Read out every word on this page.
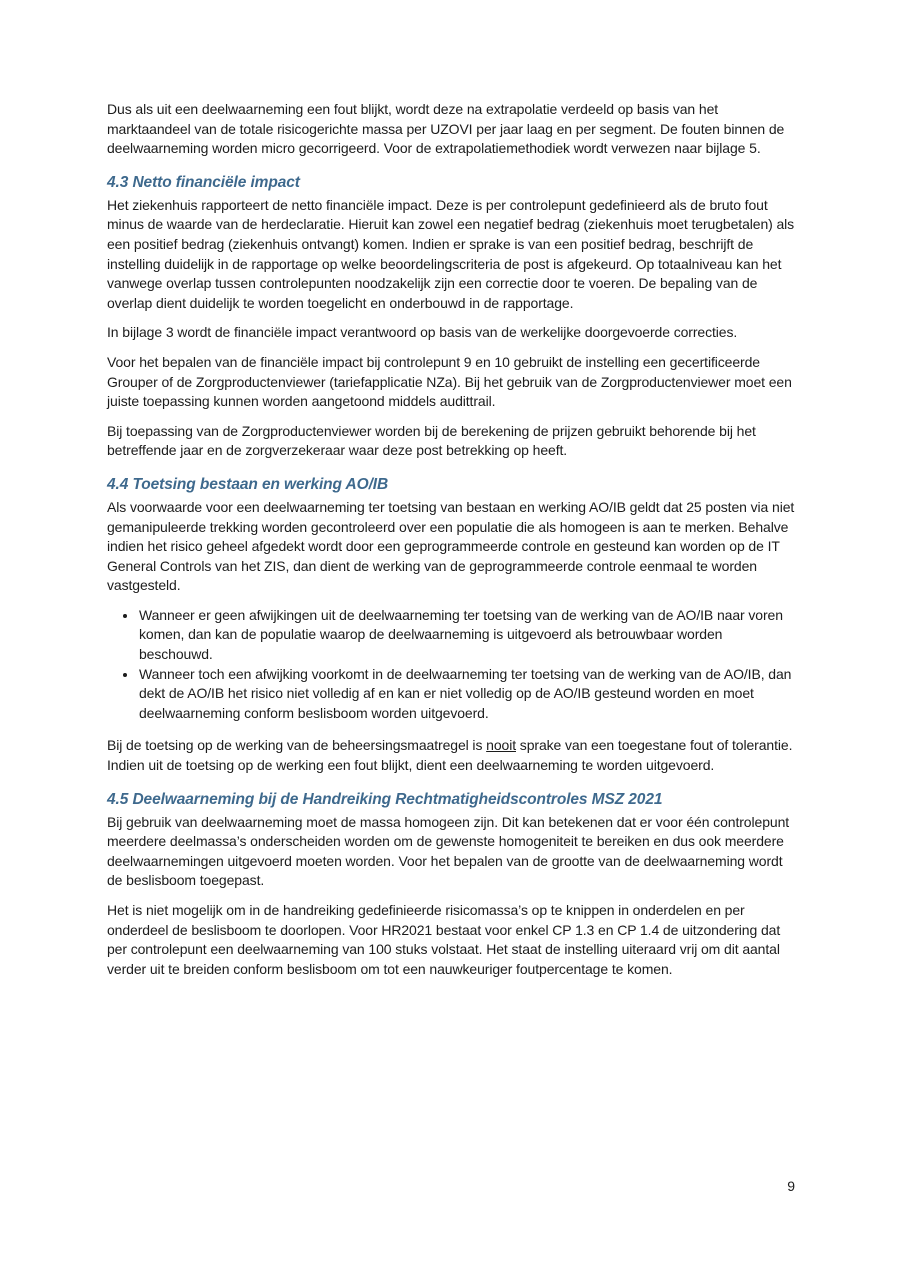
Dus als uit een deelwaarneming een fout blijkt, wordt deze na extrapolatie verdeeld op basis van het marktaandeel van de totale risicogerichte massa per UZOVI per jaar laag en per segment. De fouten binnen de deelwaarneming worden micro gecorrigeerd. Voor de extrapolatiemethodiek wordt verwezen naar bijlage 5.

4.3 Netto financiële impact

Het ziekenhuis rapporteert de netto financiële impact. Deze is per controlepunt gedefinieerd als de bruto fout minus de waarde van de herdeclaratie. Hieruit kan zowel een negatief bedrag (ziekenhuis moet terugbetalen) als een positief bedrag (ziekenhuis ontvangt) komen. Indien er sprake is van een positief bedrag, beschrijft de instelling duidelijk in de rapportage op welke beoordelingscriteria de post is afgekeurd. Op totaalniveau kan het vanwege overlap tussen controlepunten noodzakelijk zijn een correctie door te voeren. De bepaling van de overlap dient duidelijk te worden toegelicht en onderbouwd in de rapportage.

In bijlage 3 wordt de financiële impact verantwoord op basis van de werkelijke doorgevoerde correcties.

Voor het bepalen van de financiële impact bij controlepunt 9 en 10 gebruikt de instelling een gecertificeerde Grouper of de Zorgproductenviewer (tariefapplicatie NZa). Bij het gebruik van de Zorgproductenviewer moet een juiste toepassing kunnen worden aangetoond middels audittrail.

Bij toepassing van de Zorgproductenviewer worden bij de berekening de prijzen gebruikt behorende bij het betreffende jaar en de zorgverzekeraar waar deze post betrekking op heeft.

4.4 Toetsing bestaan en werking AO/IB

Als voorwaarde voor een deelwaarneming ter toetsing van bestaan en werking AO/IB geldt dat 25 posten via niet gemanipuleerde trekking worden gecontroleerd over een populatie die als homogeen is aan te merken. Behalve indien het risico geheel afgedekt wordt door een geprogrammeerde controle en gesteund kan worden op de IT General Controls van het ZIS, dan dient de werking van de geprogrammeerde controle eenmaal te worden vastgesteld.

• Wanneer er geen afwijkingen uit de deelwaarneming ter toetsing van de werking van de AO/IB naar voren komen, dan kan de populatie waarop de deelwaarneming is uitgevoerd als betrouwbaar worden beschouwd.
• Wanneer toch een afwijking voorkomt in de deelwaarneming ter toetsing van de werking van de AO/IB, dan dekt de AO/IB het risico niet volledig af en kan er niet volledig op de AO/IB gesteund worden en moet deelwaarneming conform beslisboom worden uitgevoerd.

Bij de toetsing op de werking van de beheersingsmaatregel is nooit sprake van een toegestane fout of tolerantie. Indien uit de toetsing op de werking een fout blijkt, dient een deelwaarneming te worden uitgevoerd.

4.5 Deelwaarneming bij de Handreiking Rechtmatigheidscontroles MSZ 2021

Bij gebruik van deelwaarneming moet de massa homogeen zijn. Dit kan betekenen dat er voor één controlepunt meerdere deelmassa’s onderscheiden worden om de gewenste homogeniteit te bereiken en dus ook meerdere deelwaarnemingen uitgevoerd moeten worden. Voor het bepalen van de grootte van de deelwaarneming wordt de beslisboom toegepast.

Het is niet mogelijk om in de handreiking gedefinieerde risicomassa’s op te knippen in onderdelen en per onderdeel de beslisboom te doorlopen. Voor HR2021 bestaat voor enkel CP 1.3 en CP 1.4 de uitzondering dat per controlepunt een deelwaarneming van 100 stuks volstaat. Het staat de instelling uiteraard vrij om dit aantal verder uit te breiden conform beslisboom om tot een nauwkeuriger foutpercentage te komen.

9
